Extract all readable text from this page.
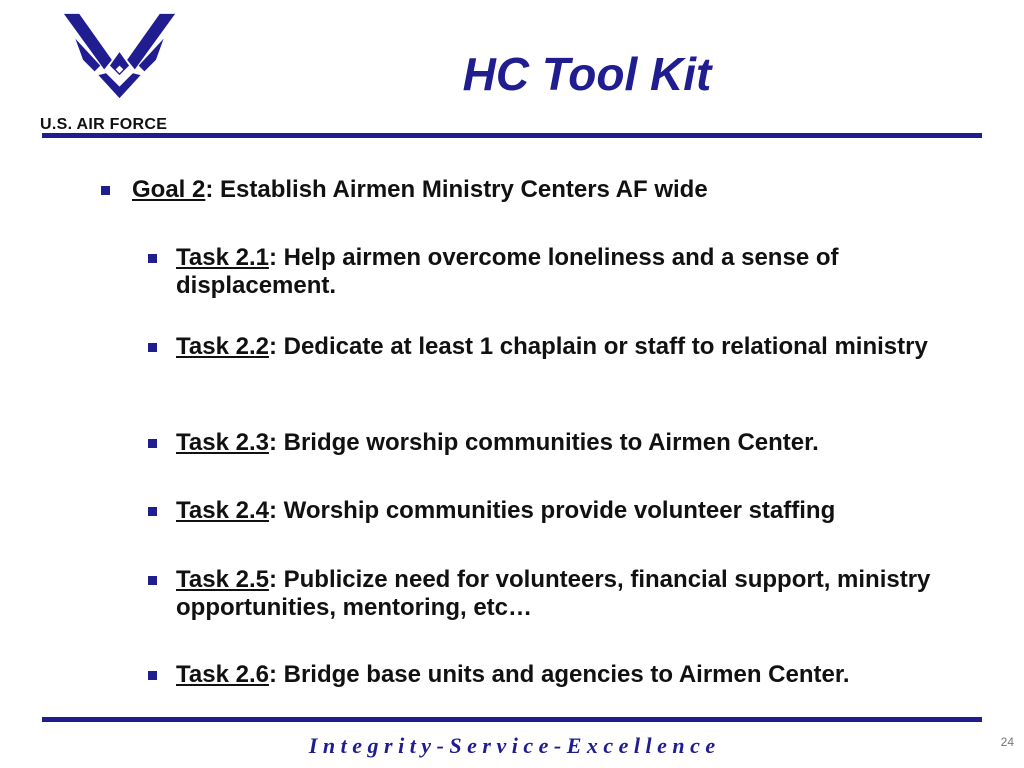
U.S. AIR FORCE
HC Tool Kit
Goal 2: Establish Airmen Ministry Centers AF wide
Task 2.1: Help airmen overcome loneliness and a sense of displacement.
Task 2.2: Dedicate at least 1 chaplain or staff to relational ministry
Task 2.3: Bridge worship communities to Airmen Center.
Task 2.4: Worship communities provide volunteer staffing
Task 2.5: Publicize need for volunteers, financial support, ministry opportunities, mentoring, etc…
Task 2.6: Bridge base units and agencies to Airmen Center.
I n t e g r i t y - S e r v i c e - E x c e l l e n c e	24
